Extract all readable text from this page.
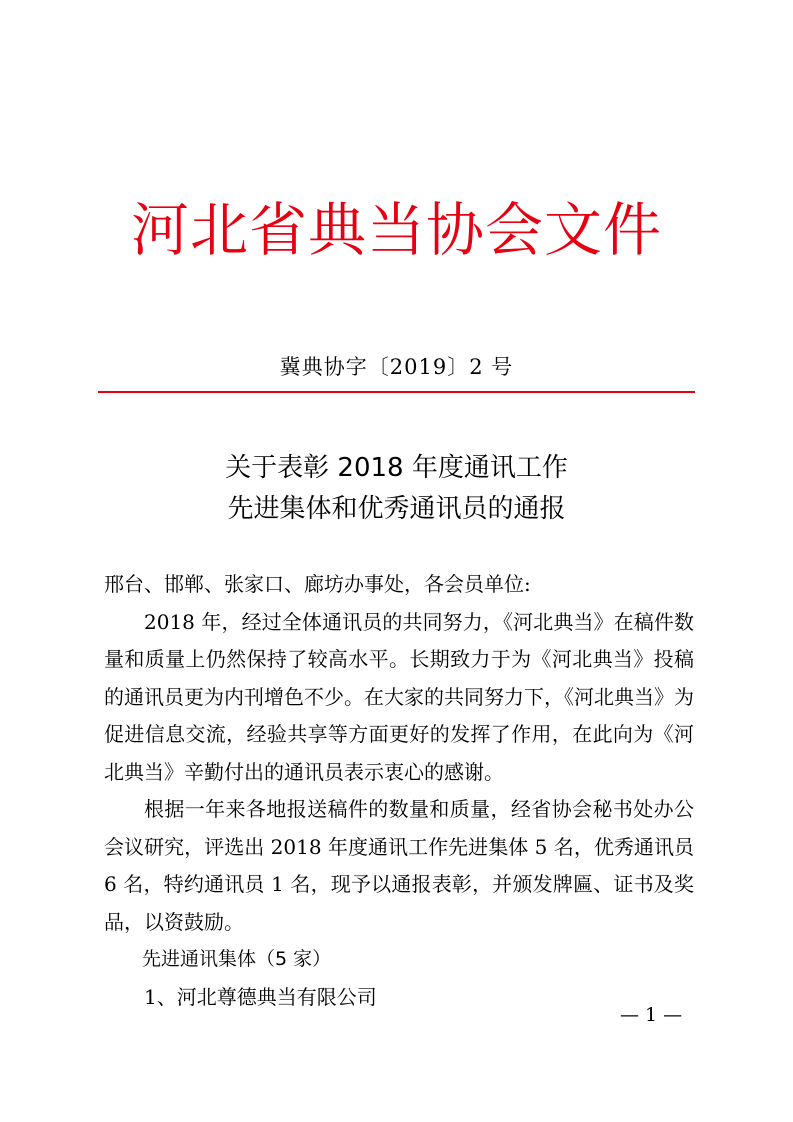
河北省典当协会文件
冀典协字〔2019〕2 号
关于表彰 2018 年度通讯工作
先进集体和优秀通讯员的通报

邢台、邯郸、张家口、廊坊办事处，各会员单位:

2018 年，经过全体通讯员的共同努力，《河北典当》在稿件数量和质量上仍然保持了较高水平。长期致力于为《河北典当》投稿的通讯员更为内刊增色不少。在大家的共同努力下，《河北典当》为促进信息交流，经验共享等方面更好的发挥了作用，在此向为《河北典当》辛勤付出的通讯员表示衷心的感谢。

根据一年来各地报送稿件的数量和质量，经省协会秘书处办公会议研究，评选出 2018 年度通讯工作先进集体 5 名，优秀通讯员 6 名，特约通讯员 1 名，现予以通报表彰，并颁发牌匾、证书及奖品，以资鼓励。

先进通讯集体（5 家）

1、河北尊德典当有限公司

— 1 —
